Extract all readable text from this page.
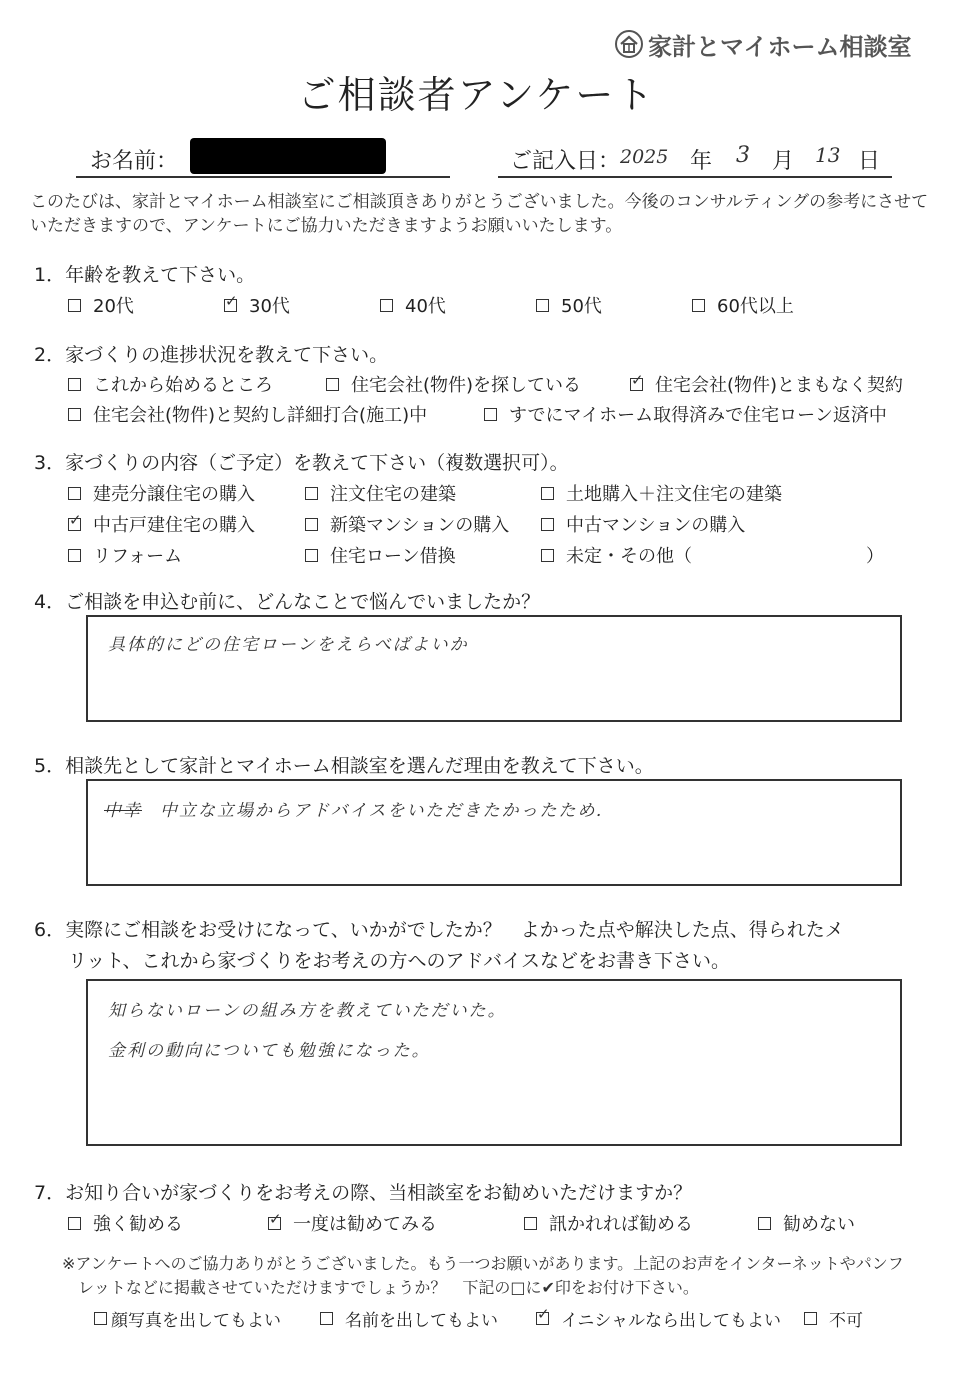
家計とマイホーム相談室
ご相談者アンケート
お名前：	ご記入日： 2025 年 3 月 13 日
このたびは、家計とマイホーム相談室にご相談頂きありがとうございました。今後のコンサルティングの参考にさせていただきますので、アンケートにご協力いただきますようお願いいたします。
1．年齢を教えて下さい。
20代 ✓	30代	40代	50代	60代以上
2．家づくりの進捗状況を教えて下さい。
これから始めるところ	住宅会社(物件)を探している ✓	住宅会社(物件)とまもなく契約
住宅会社(物件)と契約し詳細打合(施工)中	すでにマイホーム取得済みで住宅ローン返済中
3．家づくりの内容（ご予定）を教えて下さい（複数選択可）。
建売分譲住宅の購入	注文住宅の建築	土地購入＋注文住宅の建築
✓
中古戸建住宅の購入	新築マンションの購入	中古マンションの購入
リフォーム	住宅ローン借換	未定・その他（	）
4．ご相談を申込む前に、どんなことで悩んでいましたか？
具体的にどの住宅ローンをえらべばよいか
5．相談先として家計とマイホーム相談室を選んだ理由を教えて下さい。
中幸 中立な立場からアドバイスをいただきたかったため．
6．実際にご相談をお受けになって、いかがでしたか？　よかった点や解決した点、得られたメ
リット、これから家づくりをお考えの方へのアドバイスなどをお書き下さい。
知らないローンの組み方を教えていただいた。
金利の動向についても勉強になった。
7．お知り合いが家づくりをお考えの際、当相談室をお勧めいただけますか？
強く勧める ✓	一度は勧めてみる	訊かれれば勧める	勧めない
※アンケートへのご協力ありがとうございました。もう一つお願いがあります。上記のお声をインターネットやパンフ
レットなどに掲載させていただけますでしょうか？　下記の□に✔印をお付け下さい。
顔写真を出してもよい	名前を出してもよい ✓	イニシャルなら出してもよい	不可
